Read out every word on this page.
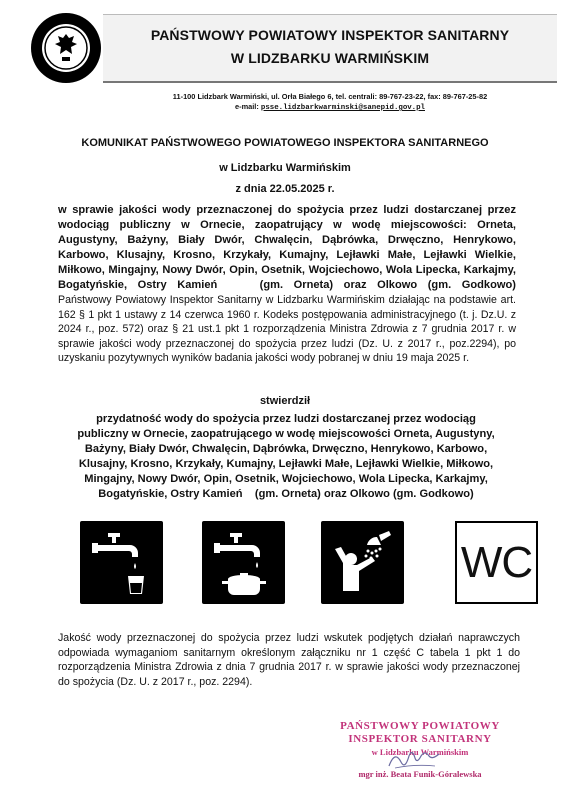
PAŃSTWOWY POWIATOWY INSPEKTOR SANITARNY
W LIDZBARKU WARMIŃSKIM
11-100 Lidzbark Warmiński, ul. Orła Białego 6, tel. centrali: 89-767-23-22, fax: 89-767-25-82
e-mail: psse.lidzbarkwarminski@sanepid.gov.pl
KOMUNIKAT PAŃSTWOWEGO POWIATOWEGO INSPEKTORA SANITARNEGO
w Lidzbarku Warmińskim
z dnia 22.05.2025 r.
w sprawie jakości wody przeznaczonej do spożycia przez ludzi dostarczanej przez wodociąg publiczny w Ornecie, zaopatrujący w wodę miejscowości: Orneta, Augustyny, Bażyny, Biały Dwór, Chwalęcin, Dąbrówka, Drwęczno, Henrykowo, Karbowo, Klusajny, Krosno, Krzykały, Kumajny, Lejławki Małe, Lejławki Wielkie, Miłkowo, Mingajny, Nowy Dwór, Opin, Osetnik, Wojciechowo, Wola Lipecka, Karkajmy, Bogatyńskie, Ostry Kamień	(gm. Orneta) oraz Olkowo (gm. Godkowo)
Państwowy Powiatowy Inspektor Sanitarny w Lidzbarku Warmińskim działając na podstawie art. 162 § 1 pkt 1 ustawy z 14 czerwca 1960 r. Kodeks postępowania administracyjnego (t. j. Dz.U. z 2024 r., poz. 572) oraz § 21 ust.1 pkt 1 rozporządzenia Ministra Zdrowia z 7 grudnia 2017 r. w sprawie jakości wody przeznaczonej do spożycia przez ludzi (Dz. U. z 2017 r., poz.2294), po uzyskaniu pozytywnych wyników badania jakości wody pobranej w dniu 19 maja 2025 r.
stwierdził
przydatność wody do spożycia przez ludzi dostarczanej przez wodociąg publiczny w Ornecie, zaopatrującego w wodę miejscowości Orneta, Augustyny, Bażyny, Biały Dwór, Chwalęcin, Dąbrówka, Drwęczno, Henrykowo, Karbowo, Klusajny, Krosno, Krzykały, Kumajny, Lejławki Małe, Lejławki Wielkie, Miłkowo, Mingajny, Nowy Dwór, Opin, Osetnik, Wojciechowo, Wola Lipecka, Karkajmy, Bogatyńskie, Ostry Kamień (gm. Orneta) oraz Olkowo (gm. Godkowo)
WC
Jakość wody przeznaczonej do spożycia przez ludzi wskutek podjętych działań naprawczych odpowiada wymaganiom sanitarnym określonym załączniku nr 1 część C tabela 1 pkt 1 do rozporządzenia Ministra Zdrowia z dnia 7 grudnia 2017 r. w sprawie jakości wody przeznaczonej do spożycia (Dz. U. z 2017 r., poz. 2294).
PAŃSTWOWY POWIATOWY
INSPEKTOR SANITARNY
w Lidzbarku Warmińskim
mgr inż. Beata Funik-Góralewska
